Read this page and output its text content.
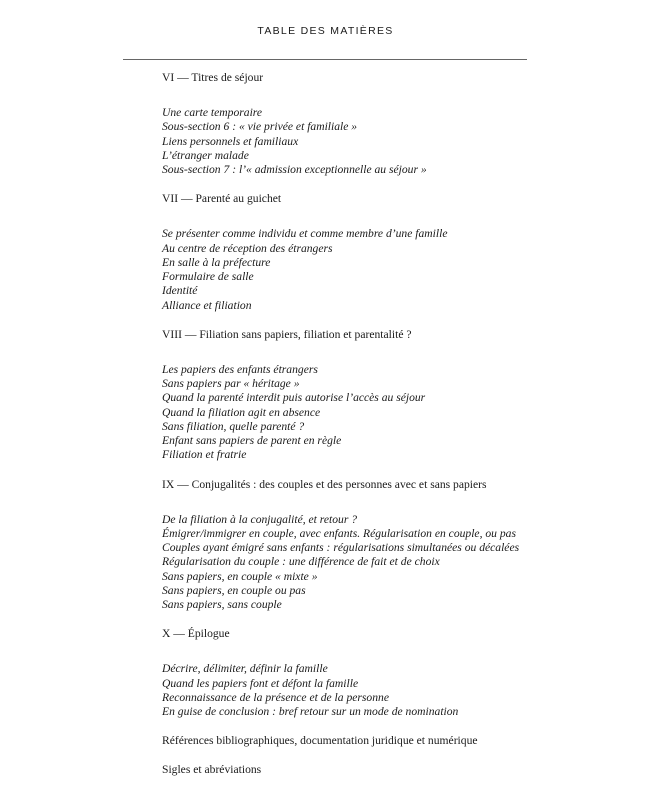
TABLE DES MATIÈRES
VI — Titres de séjour
Une carte temporaire
Sous-section 6 : « vie privée et familiale »
Liens personnels et familiaux
L’étranger malade
Sous-section 7 : l’« admission exceptionnelle au séjour »
VII — Parenté au guichet
Se présenter comme individu et comme membre d’une famille
Au centre de réception des étrangers
En salle à la préfecture
Formulaire de salle
Identité
Alliance et filiation
VIII — Filiation sans papiers, filiation et parentalité ?
Les papiers des enfants étrangers
Sans papiers par « héritage »
Quand la parenté interdit puis autorise l’accès au séjour
Quand la filiation agit en absence
Sans filiation, quelle parenté ?
Enfant sans papiers de parent en règle
Filiation et fratrie
IX — Conjugalités : des couples et des personnes avec et sans papiers
De la filiation à la conjugalité, et retour ?
Émigrer/immigrer en couple, avec enfants. Régularisation en couple, ou pas
Couples ayant émigré sans enfants : régularisations simultanées ou décalées
Régularisation du couple : une différence de fait et de choix
Sans papiers, en couple « mixte »
Sans papiers, en couple ou pas
Sans papiers, sans couple
X — Épilogue
Décrire, délimiter, définir la famille
Quand les papiers font et défont la famille
Reconnaissance de la présence et de la personne
En guise de conclusion : bref retour sur un mode de nomination
Références bibliographiques, documentation juridique et numérique
Sigles et abréviations
